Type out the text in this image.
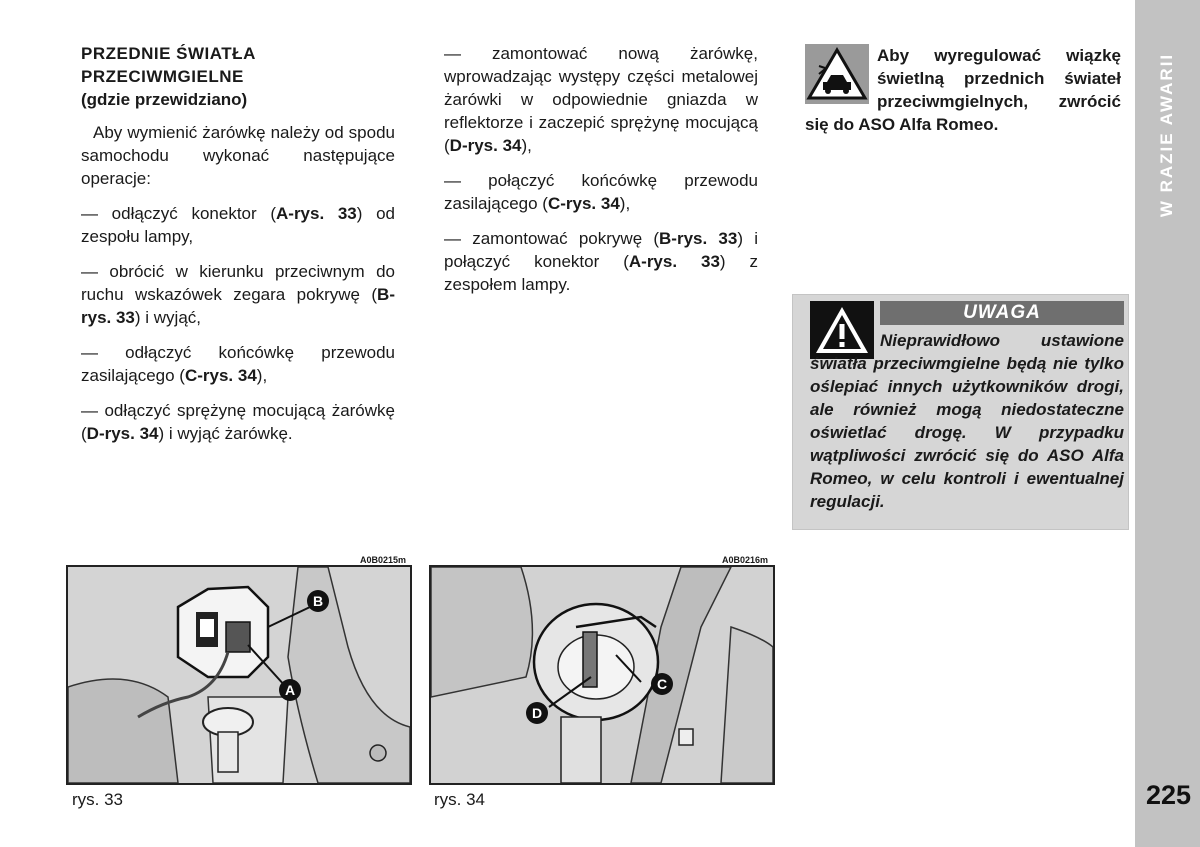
PRZEDNIE ŚWIATŁA
PRZECIWMGIELNE
(gdzie przewidziano)

Aby wymienić żarówkę należy od spodu samochodu wykonać następujące operacje:

— odłączyć konektor (A-rys. 33) od zespołu lampy,

— obrócić w kierunku przeciwnym do ruchu wskazówek zegara pokrywę (B-rys. 33) i wyjąć,

— odłączyć końcówkę przewodu zasilającego (C-rys. 34),

— odłączyć sprężynę mocującą żarówkę (D-rys. 34) i wyjąć żarówkę.

— zamontować nową żarówkę, wprowadzając występy części metalowej żarówki w odpowiednie gniazda w reflektorze i zaczepić sprężynę mocującą (D-rys. 34),

— połączyć końcówkę przewodu zasilającego (C-rys. 34),

— zamontować pokrywę (B-rys. 33) i połączyć konektor (A-rys. 33) z zespołem lampy.

Aby wyregulować wiązkę świetlną przednich świateł przeciwmgielnych, zwrócić się do ASO Alfa Romeo.
UWAGA
Nieprawidłowo ustawione światła przeciwmgielne będą nie tylko oślepiać innych użytkowników drogi, ale również mogą niedostateczne oświetlać drogę. W przypadku wątpliwości zwrócić się do ASO Alfa Romeo, w celu kontroli i ewentualnej regulacji.
A0B0215m
B
A
rys. 33
A0B0216m
D
C
rys. 34
W RAZIE AWARII
225
